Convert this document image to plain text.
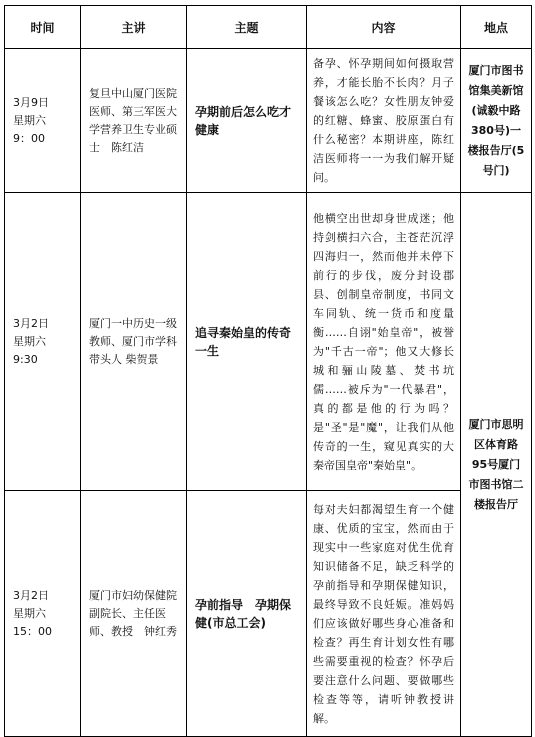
时间	主讲	主题	内容	地点

3月9日
星期六
9：00	复旦中山厦门医院医师、第三军医大学营养卫生专业硕士　陈红洁	孕期前后怎么吃才健康	备孕、怀孕期间如何摄取营养，才能长胎不长肉？月子餐该怎么吃？女性朋友钟爱的红糖、蜂蜜、胶原蛋白有什么秘密？本期讲座，陈红洁医师将一一为我们解开疑问。	厦门市图书馆集美新馆(诚毅中路380号)一楼报告厅(5号门)

3月2日
星期六
9:30	厦门一中历史一级教师、厦门市学科带头人 柴贺景	追寻秦始皇的传奇一生	他横空出世却身世成迷；他持剑横扫六合，主苍茫沉浮四海归一，然而他并未停下前行的步伐，废分封设郡县、创制皇帝制度，书同文车同轨、统一货币和度量衡……自诩"始皇帝"，被誉为"千古一帝"；他又大修长城和骊山陵墓、焚书坑儒……被斥为"一代暴君"，真的都是他的行为吗？是"圣"是"魔"，让我们从他传奇的一生，窥见真实的大秦帝国皇帝"秦始皇"。	厦门市思明区体育路95号厦门市图书馆二楼报告厅

3月2日
星期六
15：00	厦门市妇幼保健院副院长、主任医师、教授　钟红秀	孕前指导　孕期保健(市总工会)	每对夫妇都渴望生育一个健康、优质的宝宝，然而由于现实中一些家庭对优生优育知识储备不足，缺乏科学的孕前指导和孕期保健知识，最终导致不良妊娠。准妈妈们应该做好哪些身心准备和检查？再生育计划女性有哪些需要重视的检查？怀孕后要注意什么问题、要做哪些检查等等，请听钟教授讲解。	
